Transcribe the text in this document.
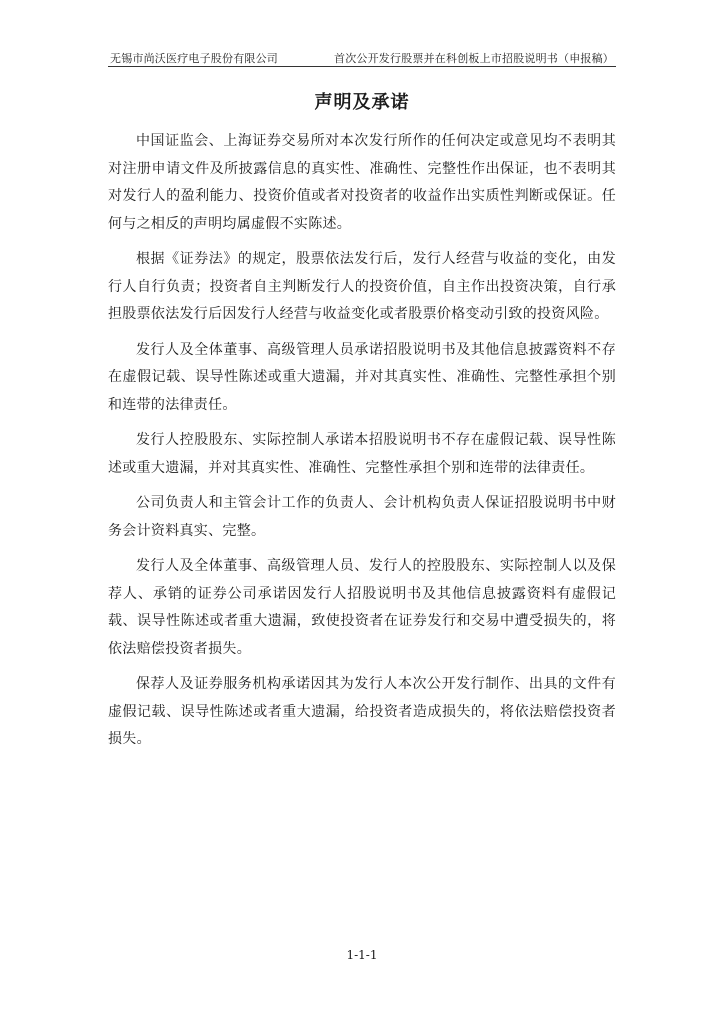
无锡市尚沃医疗电子股份有限公司	首次公开发行股票并在科创板上市招股说明书（申报稿）
声明及承诺

中国证监会、上海证券交易所对本次发行所作的任何决定或意见均不表明其对注册申请文件及所披露信息的真实性、准确性、完整性作出保证，也不表明其对发行人的盈利能力、投资价值或者对投资者的收益作出实质性判断或保证。任何与之相反的声明均属虚假不实陈述。

根据《证券法》的规定，股票依法发行后，发行人经营与收益的变化，由发行人自行负责；投资者自主判断发行人的投资价值，自主作出投资决策，自行承担股票依法发行后因发行人经营与收益变化或者股票价格变动引致的投资风险。

发行人及全体董事、高级管理人员承诺招股说明书及其他信息披露资料不存在虚假记载、误导性陈述或重大遗漏，并对其真实性、准确性、完整性承担个别和连带的法律责任。

发行人控股股东、实际控制人承诺本招股说明书不存在虚假记载、误导性陈述或重大遗漏，并对其真实性、准确性、完整性承担个别和连带的法律责任。

公司负责人和主管会计工作的负责人、会计机构负责人保证招股说明书中财务会计资料真实、完整。

发行人及全体董事、高级管理人员、发行人的控股股东、实际控制人以及保荐人、承销的证券公司承诺因发行人招股说明书及其他信息披露资料有虚假记载、误导性陈述或者重大遗漏，致使投资者在证券发行和交易中遭受损失的，将依法赔偿投资者损失。

保荐人及证券服务机构承诺因其为发行人本次公开发行制作、出具的文件有虚假记载、误导性陈述或者重大遗漏，给投资者造成损失的，将依法赔偿投资者损失。

1-1-1
